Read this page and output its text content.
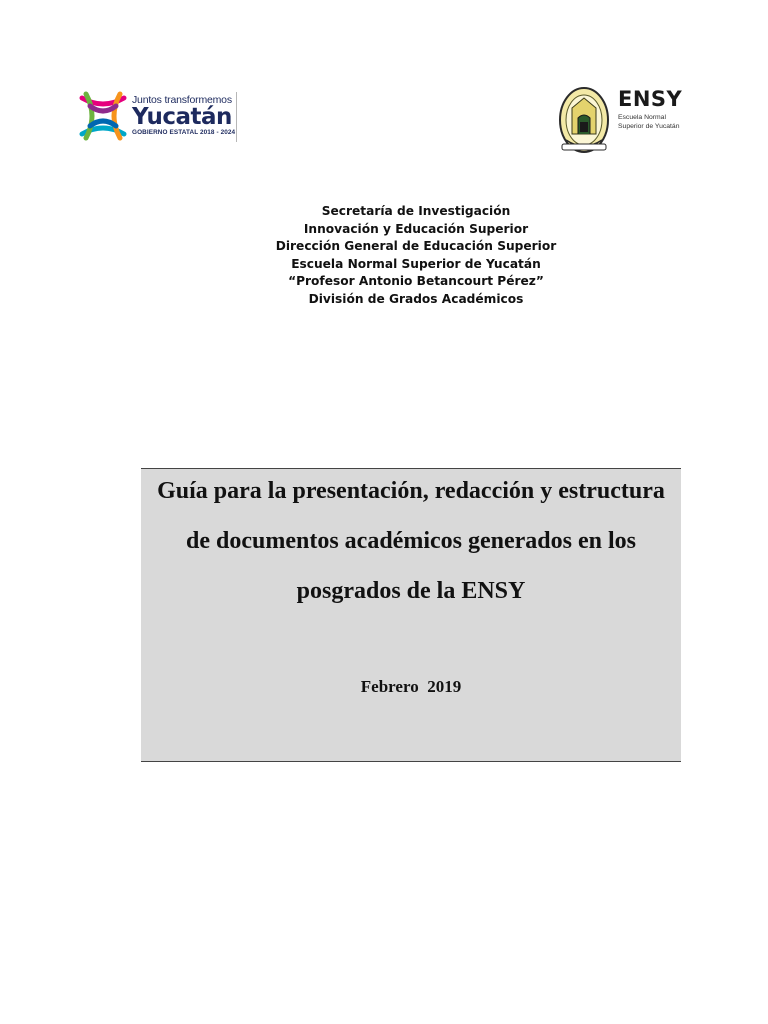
Juntos transformemos
Yucatán
GOBIERNO ESTATAL 2018 - 2024
ENSY
Escuela Normal
Superior de Yucatán
Secretaría de Investigación
Innovación y Educación Superior
Dirección General de Educación Superior
Escuela Normal Superior de Yucatán
“Profesor Antonio Betancourt Pérez”
División de Grados Académicos
Guía para la presentación, redacción y estructura
de documentos académicos generados en los
posgrados de la ENSY
Febrero  2019
